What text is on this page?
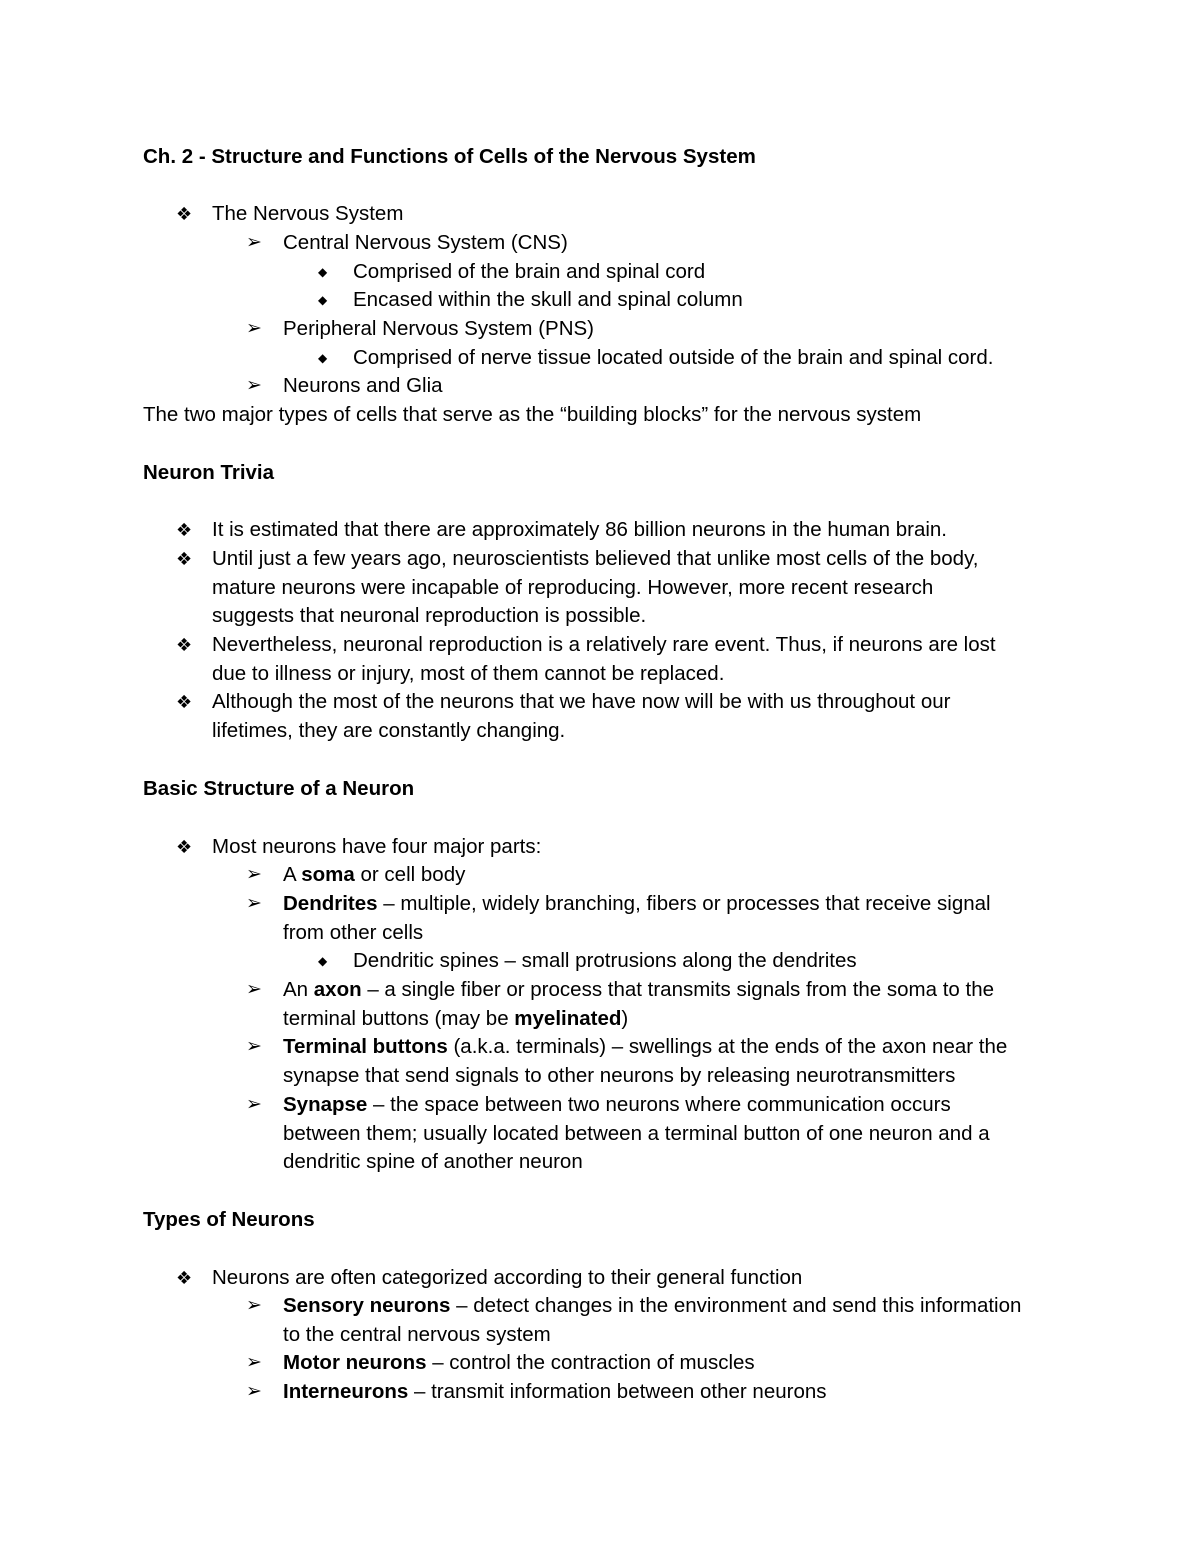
Ch. 2 - Structure and Functions of Cells of the Nervous System
❖ The Nervous System
➢ Central Nervous System (CNS)
◆ Comprised of the brain and spinal cord
◆ Encased within the skull and spinal column
➢ Peripheral Nervous System (PNS)
◆ Comprised of nerve tissue located outside of the brain and spinal cord.
➢ Neurons and Glia
The two major types of cells that serve as the “building blocks” for the nervous system
Neuron Trivia
❖ It is estimated that there are approximately 86 billion neurons in the human brain.
❖ Until just a few years ago, neuroscientists believed that unlike most cells of the body,
mature neurons were incapable of reproducing. However, more recent research
suggests that neuronal reproduction is possible.
❖ Nevertheless, neuronal reproduction is a relatively rare event. Thus, if neurons are lost
due to illness or injury, most of them cannot be replaced.
❖ Although the most of the neurons that we have now will be with us throughout our
lifetimes, they are constantly changing.
Basic Structure of a Neuron
❖ Most neurons have four major parts:
➢ A soma or cell body
➢ Dendrites – multiple, widely branching, fibers or processes that receive signal
from other cells
◆ Dendritic spines – small protrusions along the dendrites
➢ An axon – a single fiber or process that transmits signals from the soma to the
terminal buttons (may be myelinated)
➢ Terminal buttons (a.k.a. terminals) – swellings at the ends of the axon near the
synapse that send signals to other neurons by releasing neurotransmitters
➢ Synapse – the space between two neurons where communication occurs
between them; usually located between a terminal button of one neuron and a
dendritic spine of another neuron
Types of Neurons
❖ Neurons are often categorized according to their general function
➢ Sensory neurons – detect changes in the environment and send this information
to the central nervous system
➢ Motor neurons – control the contraction of muscles
➢ Interneurons – transmit information between other neurons
